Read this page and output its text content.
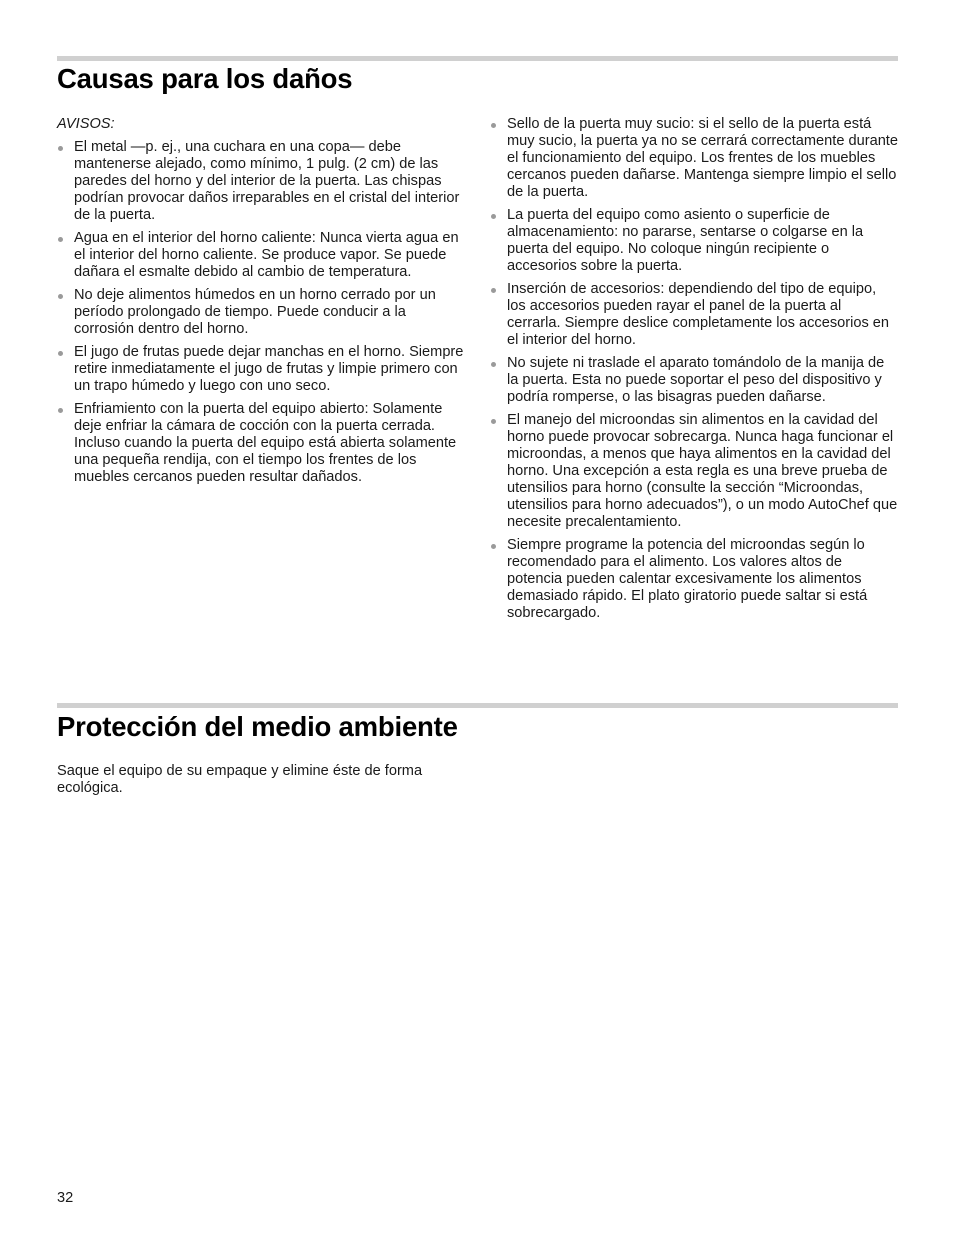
Causas para los daños

AVISOS:

El metal —p. ej., una cuchara en una copa— debe mantenerse alejado, como mínimo, 1 pulg. (2 cm) de las paredes del horno y del interior de la puerta. Las chispas podrían provocar daños irreparables en el cristal del interior de la puerta.
Agua en el interior del horno caliente: Nunca vierta agua en el interior del horno caliente. Se produce vapor. Se puede dañara el esmalte debido al cambio de temperatura.
No deje alimentos húmedos en un horno cerrado por un período prolongado de tiempo. Puede conducir a la corrosión dentro del horno.
El jugo de frutas puede dejar manchas en el horno. Siempre retire inmediatamente el jugo de frutas y limpie primero con un trapo húmedo y luego con uno seco.
Enfriamiento con la puerta del equipo abierto: Solamente deje enfriar la cámara de cocción con la puerta cerrada. Incluso cuando la puerta del equipo está abierta solamente una pequeña rendija, con el tiempo los frentes de los muebles cercanos pueden resultar dañados.
Sello de la puerta muy sucio: si el sello de la puerta está muy sucio, la puerta ya no se cerrará correctamente durante el funcionamiento del equipo. Los frentes de los muebles cercanos pueden dañarse. Mantenga siempre limpio el sello de la puerta.
La puerta del equipo como asiento o superficie de almacenamiento: no pararse, sentarse o colgarse en la puerta del equipo. No coloque ningún recipiente o accesorios sobre la puerta.
Inserción de accesorios: dependiendo del tipo de equipo, los accesorios pueden rayar el panel de la puerta al cerrarla. Siempre deslice completamente los accesorios en el interior del horno.
No sujete ni traslade el aparato tomándolo de la manija de la puerta. Esta no puede soportar el peso del dispositivo y podría romperse, o las bisagras pueden dañarse.
El manejo del microondas sin alimentos en la cavidad del horno puede provocar sobrecarga. Nunca haga funcionar el microondas, a menos que haya alimentos en la cavidad del horno. Una excepción a esta regla es una breve prueba de utensilios para horno (consulte la sección “Microondas, utensilios para horno adecuados”), o un modo AutoChef que necesite precalentamiento.
Siempre programe la potencia del microondas según lo recomendado para el alimento. Los valores altos de potencia pueden calentar excesivamente los alimentos demasiado rápido. El plato giratorio puede saltar si está sobrecargado.
Protección del medio ambiente

Saque el equipo de su empaque y elimine éste de forma ecológica.

32
